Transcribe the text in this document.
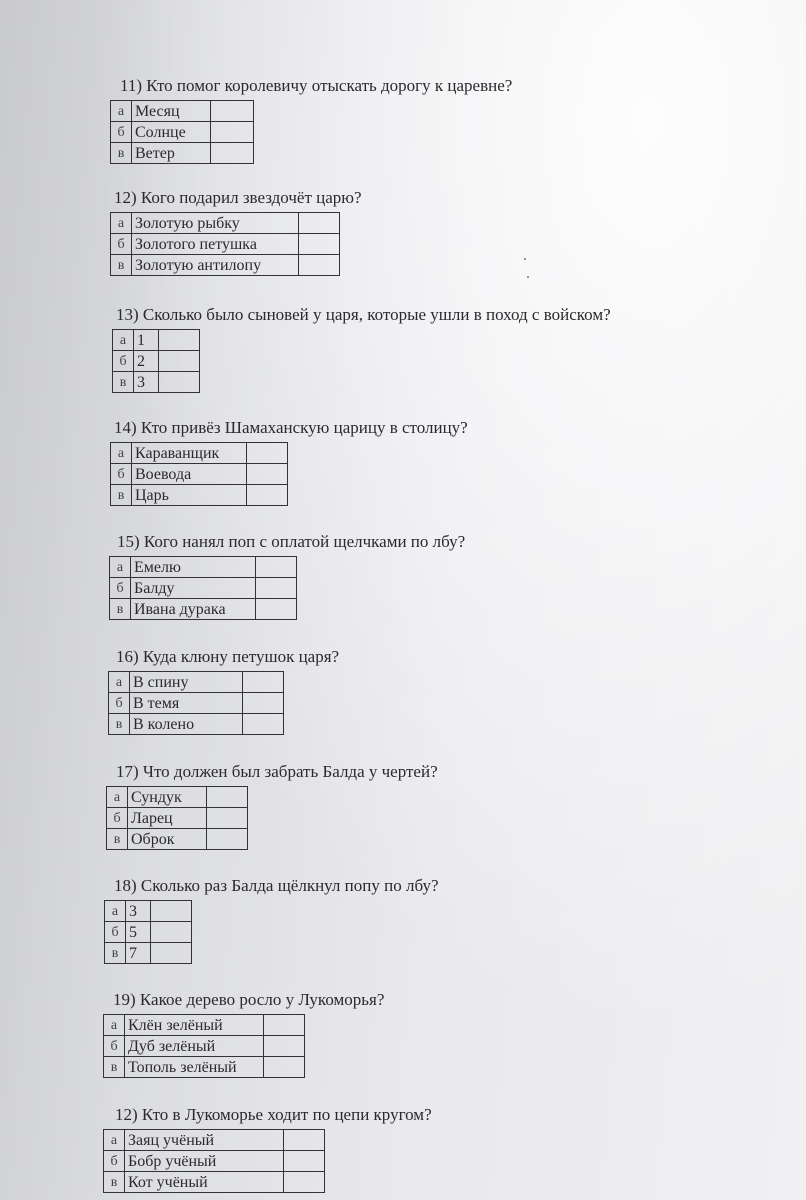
11) Кто помог королевичу отыскать дорогу к царевне?

а	Месяц	
б	Солнце	
в	Ветер	

12) Кого подарил звездочёт царю?

а	Золотую рыбку	
б	Золотого петушка	
в	Золотую антилопу	

13) Сколько было сыновей у царя, которые ушли в поход с войском?

а	1	
б	2	
в	3	

14) Кто привёз Шамаханскую царицу в столицу?

а	Караванщик	
б	Воевода	
в	Царь	

15) Кого нанял поп с оплатой щелчками по лбу?

а	Емелю	
б	Балду	
в	Ивана дурака	

16) Куда клюну петушок царя?

а	В спину	
б	В темя	
в	В колено	

17) Что должен был забрать Балда у чертей?

а	Сундук	
б	Ларец	
в	Оброк	

18) Сколько раз Балда щёлкнул попу по лбу?

а	3	
б	5	
в	7	

19) Какое дерево росло у Лукоморья?

а	Клён зелёный	
б	Дуб зелёный	
в	Тополь зелёный	

12) Кто в Лукоморье ходит по цепи кругом?

а	Заяц учёный	
б	Бобр учёный	
в	Кот учёный	
